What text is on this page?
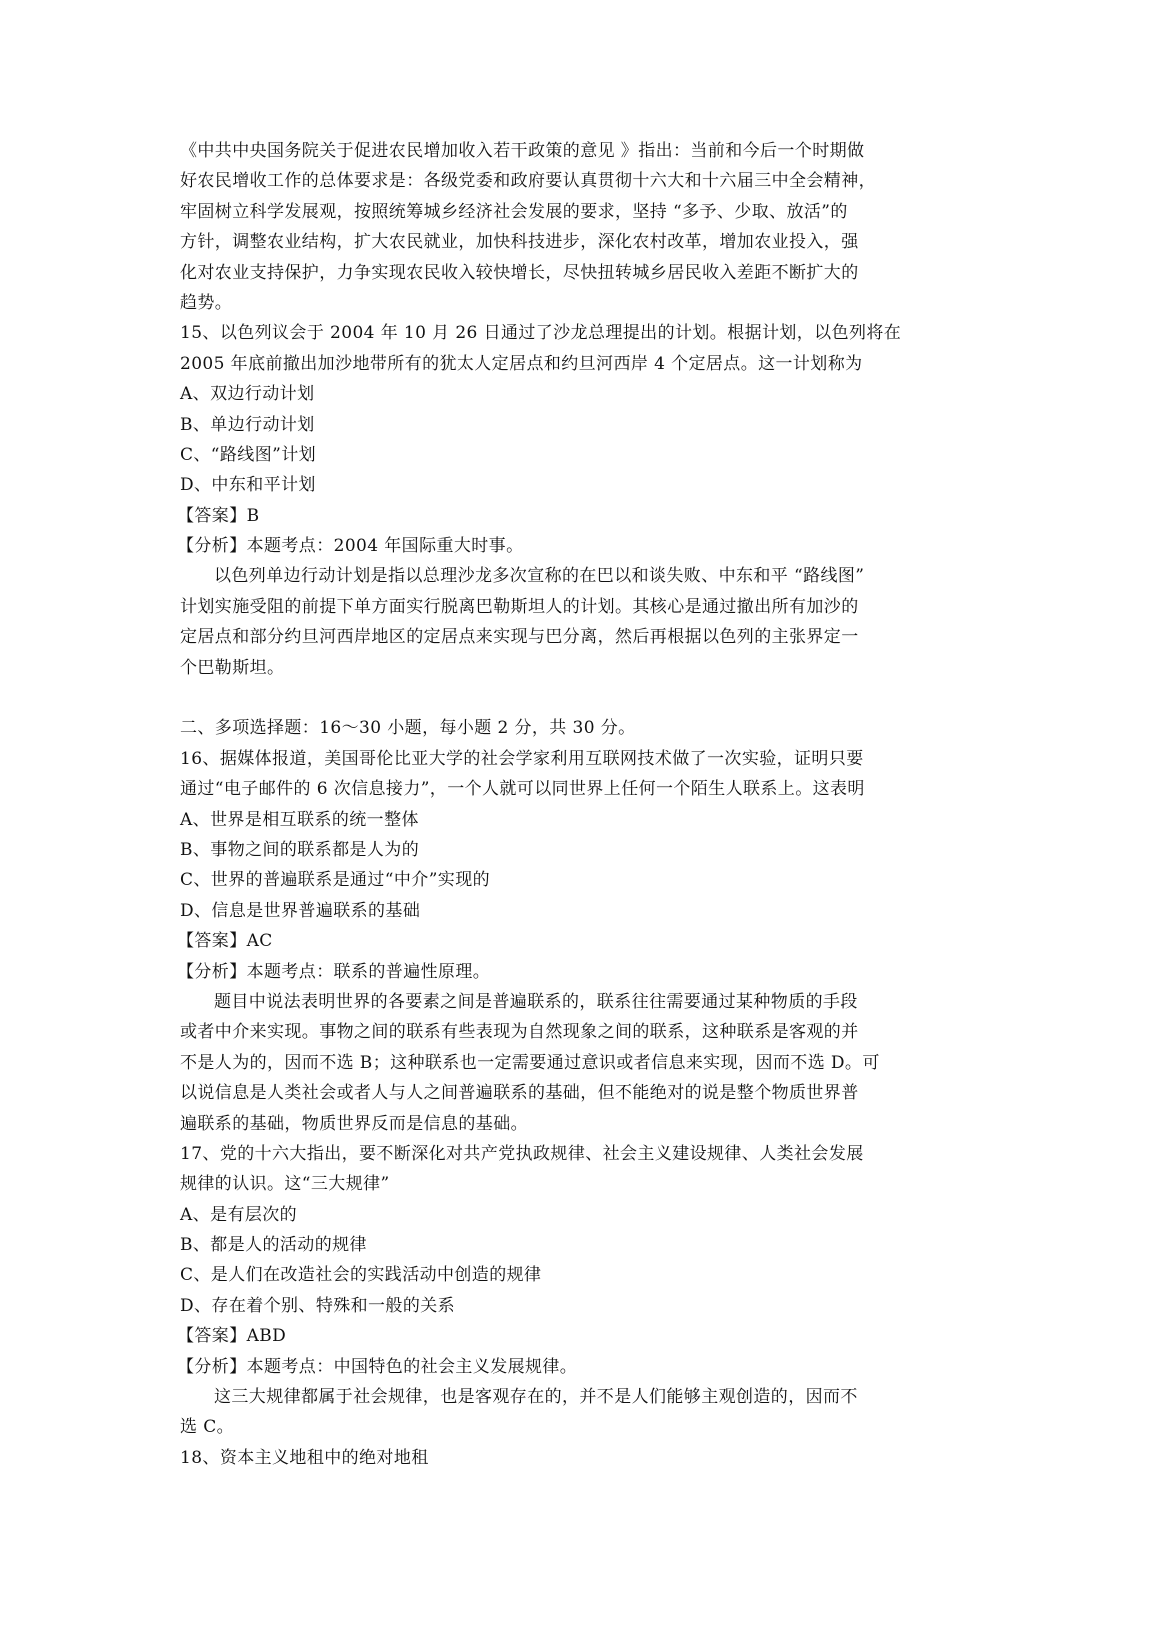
《中共中央国务院关于促进农民增加收入若干政策的意见 》指出：当前和今后一个时期做
好农民增收工作的总体要求是：各级党委和政府要认真贯彻十六大和十六届三中全会精神，
牢固树立科学发展观，按照统筹城乡经济社会发展的要求，坚持 “多予、少取、放活”的
方针，调整农业结构，扩大农民就业，加快科技进步，深化农村改革，增加农业投入，强
化对农业支持保护，力争实现农民收入较快增长，尽快扭转城乡居民收入差距不断扩大的
趋势。
15、以色列议会于 2004 年 10 月 26 日通过了沙龙总理提出的计划。根据计划，以色列将在
2005 年底前撤出加沙地带所有的犹太人定居点和约旦河西岸 4 个定居点。这一计划称为
A、双边行动计划
B、单边行动计划
C、“路线图”计划
D、中东和平计划
【答案】B
【分析】本题考点：2004 年国际重大时事。
以色列单边行动计划是指以总理沙龙多次宣称的在巴以和谈失败、中东和平 “路线图”
计划实施受阻的前提下单方面实行脱离巴勒斯坦人的计划。其核心是通过撤出所有加沙的
定居点和部分约旦河西岸地区的定居点来实现与巴分离，然后再根据以色列的主张界定一
个巴勒斯坦。
二、多项选择题：16～30 小题，每小题 2 分，共 30 分。
16、据媒体报道，美国哥伦比亚大学的社会学家利用互联网技术做了一次实验，证明只要
通过“电子邮件的 6 次信息接力”，一个人就可以同世界上任何一个陌生人联系上。这表明
A、世界是相互联系的统一整体
B、事物之间的联系都是人为的
C、世界的普遍联系是通过“中介”实现的
D、信息是世界普遍联系的基础
【答案】AC
【分析】本题考点：联系的普遍性原理。
题目中说法表明世界的各要素之间是普遍联系的，联系往往需要通过某种物质的手段
或者中介来实现。事物之间的联系有些表现为自然现象之间的联系，这种联系是客观的并
不是人为的，因而不选 B；这种联系也一定需要通过意识或者信息来实现，因而不选 D。可
以说信息是人类社会或者人与人之间普遍联系的基础，但不能绝对的说是整个物质世界普
遍联系的基础，物质世界反而是信息的基础。
17、党的十六大指出，要不断深化对共产党执政规律、社会主义建设规律、人类社会发展
规律的认识。这“三大规律”
A、是有层次的
B、都是人的活动的规律
C、是人们在改造社会的实践活动中创造的规律
D、存在着个别、特殊和一般的关系
【答案】ABD
【分析】本题考点：中国特色的社会主义发展规律。
这三大规律都属于社会规律，也是客观存在的，并不是人们能够主观创造的，因而不
选 C。
18、资本主义地租中的绝对地租
